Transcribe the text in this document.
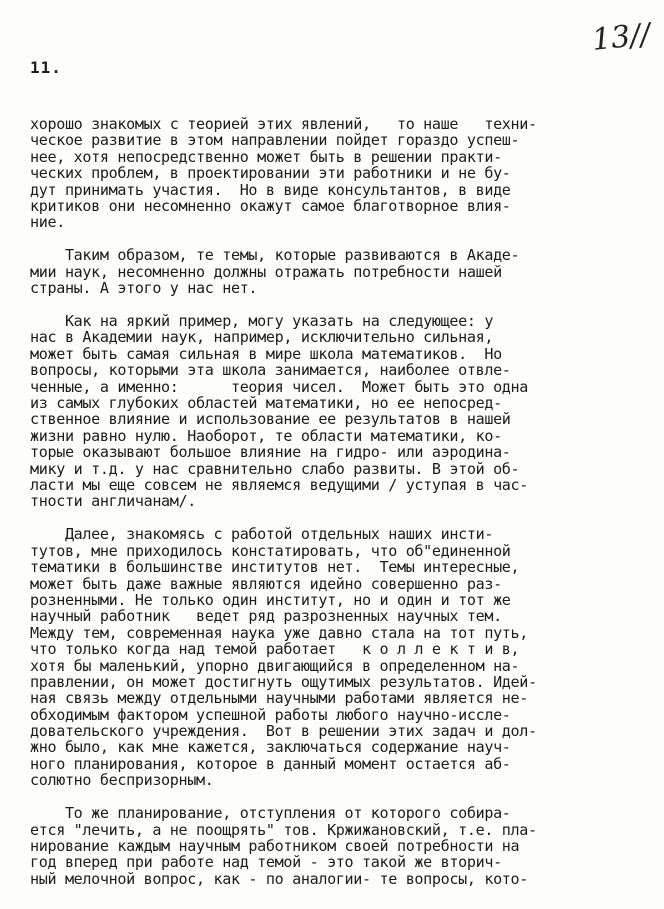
11.
13//
хорошо знакомых с теорией этих явлений,   то наше   техни-
ческое развитие в этом направлении пойдет гораздо успеш-
нее, хотя непосредственно может быть в решении практи-
ческих проблем, в проектировании эти работники и не бу-
дут принимать участия.  Но в виде консультантов, в виде
критиков они несомненно окажут самое благотворное влия-
ние.
Таким образом, те темы, которые развиваются в Акаде-
мии наук, несомненно должны отражать потребности нашей
страны. А этого у нас нет.
Как на яркий пример, могу указать на следующее: у
нас в Академии наук, например, исключительно сильная,
может быть самая сильная в мире школа математиков.  Но
вопросы, которыми эта школа занимается, наиболее отвле-
ченные, а именно:      теория чисел.  Может быть это одна
из самых глубоких областей математики, но ее непосред-
ственное влияние и использование ее результатов в нашей
жизни равно нулю. Наоборот, те области математики, ко-
торые оказывают большое влияние на гидро- или аэродина-
мику и т.д. у нас сравнительно слабо развиты. В этой об-
ласти мы еще совсем не являемся ведущими / уступая в час-
тности англичанам/.
Далее, знакомясь с работой отдельных наших инсти-
тутов, мне приходилось констатировать, что об"единенной
тематики в большинстве институтов нет.  Темы интересные,
может быть даже важные являются идейно совершенно раз-
розненными. Не только один институт, но и один и тот же
научный работник   ведет ряд разрозненных научных тем.
Между тем, современная наука уже давно стала на тот путь,
что только когда над темой работает   к о л л е к т и в,
хотя бы маленький, упорно двигающийся в определенном на-
правлении, он может достигнуть ощутимых результатов. Идей-
ная связь между отдельными научными работами является не-
обходимым фактором успешной работы любого научно-иссле-
довательского учреждения.  Вот в решении этих задач и дол-
жно было, как мне кажется, заключаться содержание науч-
ного планирования, которое в данный момент остается аб-
солютно беспризорным.
То же планирование, отступления от которого собира-
ется "лечить, а не поощрять" тов. Кржижановский, т.е. пла-
нирование каждым научным работником своей потребности на
год вперед при работе над темой - это такой же вторич-
ный мелочной вопрос, как - по аналогии- те вопросы, кото-
